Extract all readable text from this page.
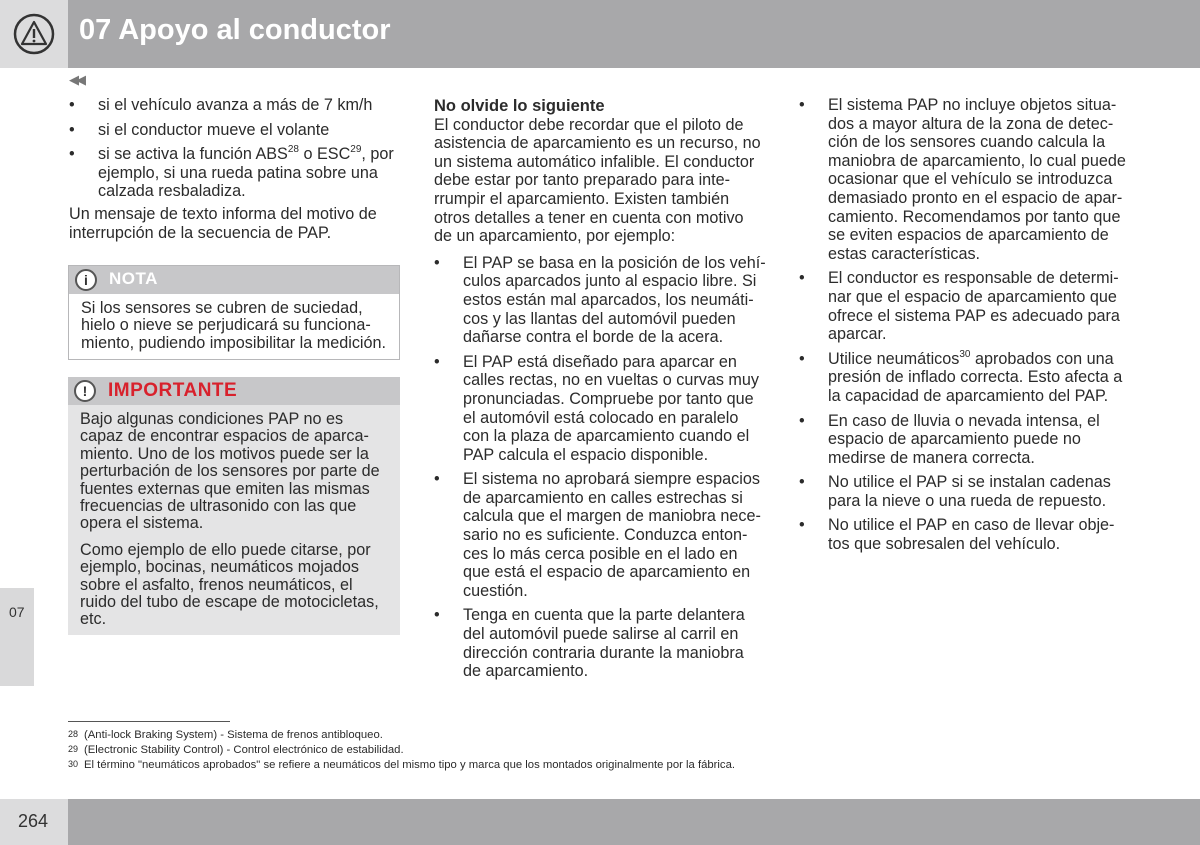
07 Apoyo al conductor
07
◀◀
• si el vehículo avanza a más de 7 km/h
• si el conductor mueve el volante
• si se activa la función ABS$^{28}$ o ESC$^{29}$, por ejemplo, si una rueda patina sobre una calzada resbaladiza.

Un mensaje de texto informa del motivo de interrupción de la secuencia de PAP.

i	NOTA
Si los sensores se cubren de suciedad, hielo o nieve se perjudicará su funciona-miento, pudiendo imposibilitar la medición.
!	IMPORTANTE

Bajo algunas condiciones PAP no es capaz de encontrar espacios de aparca-miento. Uno de los motivos puede ser la perturbación de los sensores por parte de fuentes externas que emiten las mismas frecuencias de ultrasonido con las que opera el sistema.

Como ejemplo de ello puede citarse, por ejemplo, bocinas, neumáticos mojados sobre el asfalto, frenos neumáticos, el ruido del tubo de escape de motocicletas, etc.

No olvide lo siguiente

El conductor debe recordar que el piloto de asistencia de aparcamiento es un recurso, no un sistema automático infalible. El conductor debe estar por tanto preparado para inte-rrumpir el aparcamiento. Existen también otros detalles a tener en cuenta con motivo de un aparcamiento, por ejemplo:

• El PAP se basa en la posición de los vehí-culos aparcados junto al espacio libre. Si estos están mal aparcados, los neumáti-cos y las llantas del automóvil pueden dañarse contra el borde de la acera.
• El PAP está diseñado para aparcar en calles rectas, no en vueltas o curvas muy pronunciadas. Compruebe por tanto que el automóvil está colocado en paralelo con la plaza de aparcamiento cuando el PAP calcula el espacio disponible.
• El sistema no aprobará siempre espacios de aparcamiento en calles estrechas si calcula que el margen de maniobra nece-sario no es suficiente. Conduzca enton-ces lo más cerca posible en el lado en que está el espacio de aparcamiento en cuestión.
• Tenga en cuenta que la parte delantera del automóvil puede salirse al carril en dirección contraria durante la maniobra de aparcamiento.
• El sistema PAP no incluye objetos situa-dos a mayor altura de la zona de detec-ción de los sensores cuando calcula la maniobra de aparcamiento, lo cual puede ocasionar que el vehículo se introduzca demasiado pronto en el espacio de apar-camiento. Recomendamos por tanto que se eviten espacios de aparcamiento de estas características.
• El conductor es responsable de determi-nar que el espacio de aparcamiento que ofrece el sistema PAP es adecuado para aparcar.
• Utilice neumáticos$^{30}$ aprobados con una presión de inflado correcta. Esto afecta a la capacidad de aparcamiento del PAP.
• En caso de lluvia o nevada intensa, el espacio de aparcamiento puede no medirse de manera correcta.
• No utilice el PAP si se instalan cadenas para la nieve o una rueda de repuesto.
• No utilice el PAP en caso de llevar obje-tos que sobresalen del vehículo.
28 (Anti-lock Braking System) - Sistema de frenos antibloqueo.
29 (Electronic Stability Control) - Control electrónico de estabilidad.
30 El término "neumáticos aprobados" se refiere a neumáticos del mismo tipo y marca que los montados originalmente por la fábrica.
264
